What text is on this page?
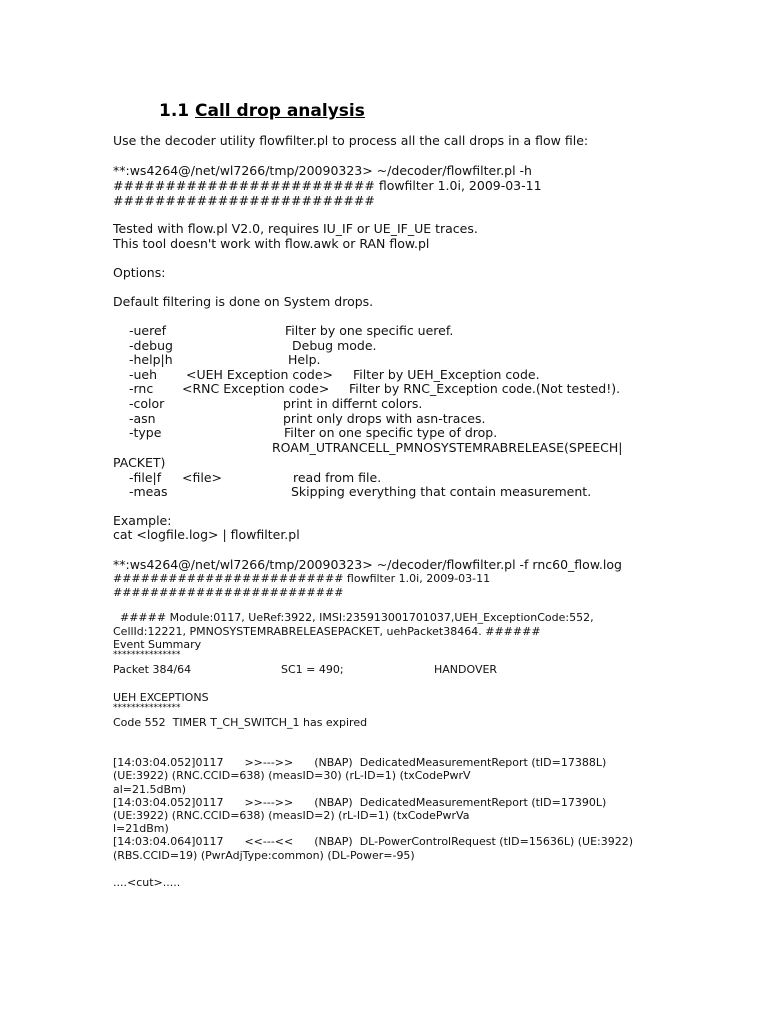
1.1 Call drop analysis
Use the decoder utility flowfilter.pl to process all the call drops in a flow file:
**:ws4264@/net/wl7266/tmp/20090323> ~/decoder/flowfilter.pl -h
######################### flowfilter 1.0i, 2009-03-11
#########################
Tested with flow.pl V2.0, requires IU_IF or UE_IF_UE traces.
This tool doesn't work with flow.awk or RAN flow.pl
Options:
Default filtering is done on System drops.
-ueref	Filter by one specific ueref.
-debug	Debug mode.
-help|h	Help.
-ueh <UEH Exception code> Filter by UEH_Exception code.
-rnc <RNC Exception code> Filter by RNC_Exception code.(Not tested!).
-color	print in differnt colors.
-asn	print only drops with asn-traces.
-type	Filter on one specific type of drop.
ROAM_UTRANCELL_PMNOSYSTEMRABRELEASE(SPEECH|
PACKET)
-file|f <file>	read from file.
-meas	Skipping everything that contain measurement.
Example:
cat <logfile.log> | flowfilter.pl
**:ws4264@/net/wl7266/tmp/20090323> ~/decoder/flowfilter.pl -f rnc60_flow.log
######################### flowfilter 1.0i, 2009-03-11
#########################
##### Module:0117, UeRef:3922, IMSI:235913001701037,UEH_ExceptionCode:552,
CellId:12221, PMNOSYSTEMRABRELEASEPACKET, uehPacket38464. ######
Event Summary
***************
Packet 384/64	SC1 = 490;	HANDOVER
UEH EXCEPTIONS
***************
Code 552  TIMER T_CH_SWITCH_1 has expired
[14:03:04.052]0117      >>--->>      (NBAP)  DedicatedMeasurementReport (tID=17388L)
(UE:3922) (RNC.CCID=638) (measID=30) (rL-ID=1) (txCodePwrV
al=21.5dBm)
[14:03:04.052]0117      >>--->>      (NBAP)  DedicatedMeasurementReport (tID=17390L)
(UE:3922) (RNC.CCID=638) (measID=2) (rL-ID=1) (txCodePwrVa
l=21dBm)
[14:03:04.064]0117      <<---<<      (NBAP)  DL-PowerControlRequest (tID=15636L) (UE:3922)
(RBS.CCID=19) (PwrAdjType:common) (DL-Power=-95)
....<cut>.....
